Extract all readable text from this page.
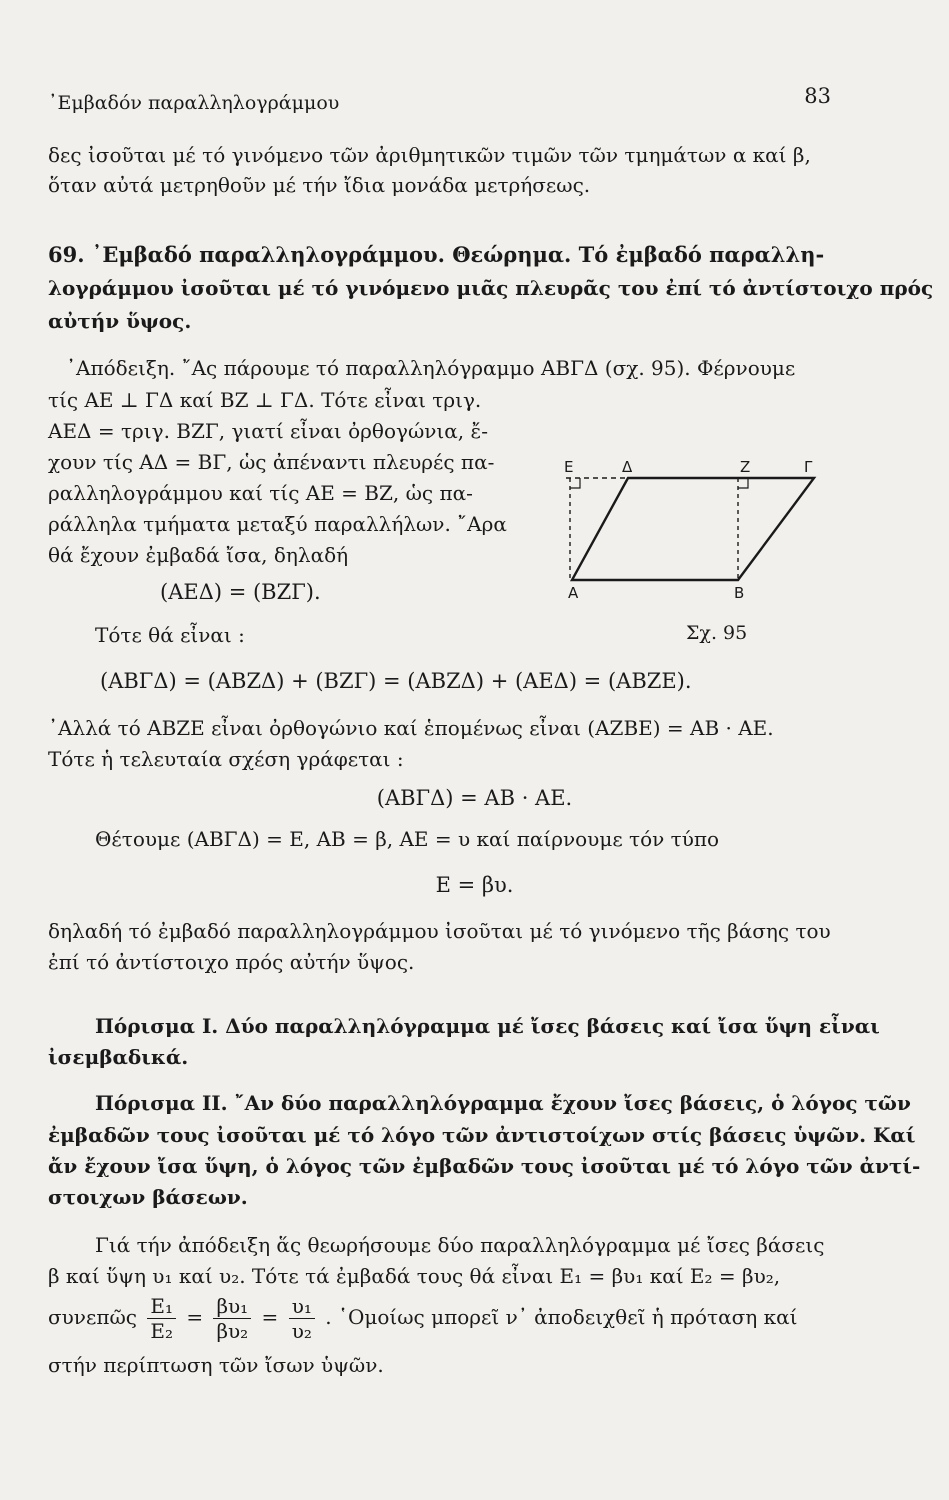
᾽Εμβαδόν παραλληλογράμμου	83
δες ἰσοῦται μέ τό γινόμενο τῶν ἀριθμητικῶν τιμῶν τῶν τμημάτων α καί β,
ὅταν αὐτά μετρηθοῦν μέ τήν ἴδια μονάδα μετρήσεως.
69. ᾽Εμβαδό παραλληλογράμμου. Θεώρημα. Τό ἐμβαδό παραλλη-
λογράμμου ἰσοῦται μέ τό γινόμενο μιᾶς πλευρᾶς του ἐπί τό ἀντίστοιχο πρός
αὐτήν ὕψος.
᾽Απόδειξη. ῎Ας πάρουμε τό παραλληλόγραμμο ΑΒΓΔ (σχ. 95). Φέρνουμε
τίς ΑΕ ⊥ ΓΔ καί ΒΖ ⊥ ΓΔ. Τότε εἶναι τριγ.
ΑΕΔ = τριγ. ΒΖΓ, γιατί εἶναι ὀρθογώνια, ἔ-
χουν τίς ΑΔ = ΒΓ, ὡς ἀπέναντι πλευρές πα-
ραλληλογράμμου καί τίς ΑΕ = ΒΖ, ὡς πα-
ράλληλα τμήματα μεταξύ παραλλήλων. ῎Αρα
θά ἔχουν ἐμβαδά ἴσα, δηλαδή
(ΑΕΔ) = (ΒΖΓ).
Τότε θά εἶναι :
(ΑΒΓΔ) = (ΑΒΖΔ) + (ΒΖΓ) = (ΑΒΖΔ) + (ΑΕΔ) = (ΑΒΖΕ).
᾽Αλλά τό ΑΒΖΕ εἶναι ὀρθογώνιο καί ἑπομένως εἶναι (ΑΖΒΕ) = ΑΒ · ΑΕ.
Τότε ἡ τελευταία σχέση γράφεται :
(ΑΒΓΔ) = ΑΒ · ΑΕ.
Θέτουμε (ΑΒΓΔ) = Ε, ΑΒ = β, ΑΕ = υ καί παίρνουμε τόν τύπο
Ε = βυ.
δηλαδή τό ἐμβαδό παραλληλογράμμου ἰσοῦται μέ τό γινόμενο τῆς βάσης του
ἐπί τό ἀντίστοιχο πρός αὐτήν ὕψος.
Πόρισμα Ι. Δύο παραλληλόγραμμα μέ ἴσες βάσεις καί ἴσα ὕψη εἶναι
ἰσεμβαδικά.
Πόρισμα ΙΙ. ῎Αν δύο παραλληλόγραμμα ἔχουν ἴσες βάσεις, ὁ λόγος τῶν
ἐμβαδῶν τους ἰσοῦται μέ τό λόγο τῶν ἀντιστοίχων στίς βάσεις ὑψῶν. Καί
ἄν ἔχουν ἴσα ὕψη, ὁ λόγος τῶν ἐμβαδῶν τους ἰσοῦται μέ τό λόγο τῶν ἀντί-
στοιχων βάσεων.
Γιά τήν ἀπόδειξη ἅς θεωρήσουμε δύο παραλληλόγραμμα μέ ἴσες βάσεις
β καί ὕψη υ₁ καί υ₂. Τότε τά ἐμβαδά τους θά εἶναι Ε₁ = βυ₁ καί Ε₂ = βυ₂,
συνεπῶς $\frac{\text{Ε₁}}{\text{Ε₂}} = \frac{\text{βυ₁}}{\text{βυ₂}} = \frac{\text{υ₁}}{\text{υ₂}}$ . ῾Ομοίως μπορεῖ ν᾽ ἀποδειχθεῖ ἡ πρόταση καί
στήν περίπτωση τῶν ἴσων ὑψῶν.
Ε	Δ	Ζ	Γ
Α	Β
Σχ. 95
